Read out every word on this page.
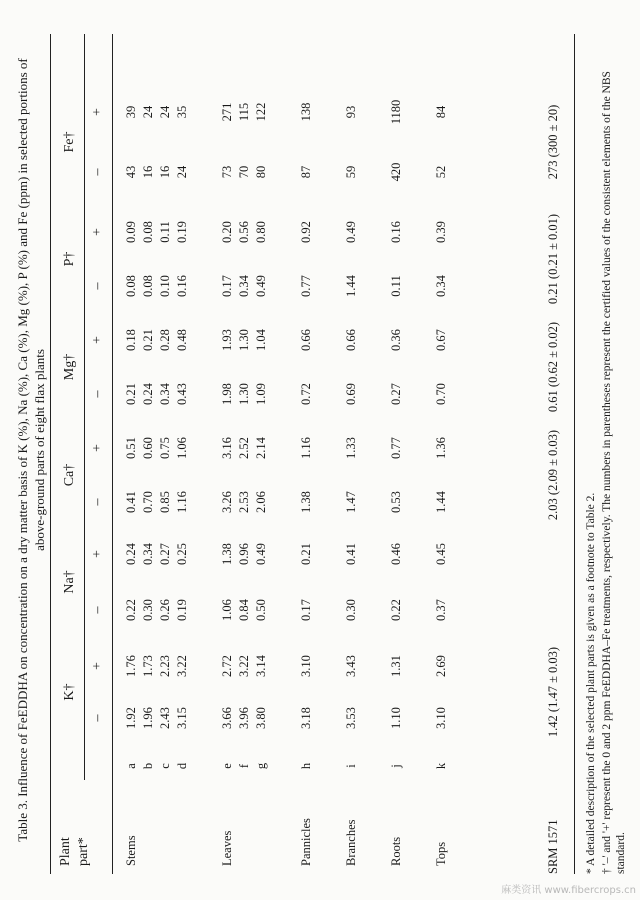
Table 3. Influence of FeEDDHA on concentration on a dry matter basis of K (%), Na (%), Ca (%), Mg (%), P (%) and Fe (ppm) in selected portions of above-ground parts of eight flax plants
Plant part*
K†
Na†
Ca†
Mg†
P†
Fe†
–
+
–
+
–
+
–
+
–
+
–
+
Stems
a
1.92
1.76
0.22
0.24
0.41
0.51
0.21
0.18
0.08
0.09
43
39
b
1.96
1.73
0.30
0.34
0.70
0.60
0.24
0.21
0.08
0.08
16
24
c
2.43
2.23
0.26
0.27
0.85
0.75
0.34
0.28
0.10
0.11
16
24
d
3.15
3.22
0.19
0.25
1.16
1.06
0.43
0.48
0.16
0.19
24
35
Leaves
e
3.66
2.72
1.06
1.38
3.26
3.16
1.98
1.93
0.17
0.20
73
271
f
3.96
3.22
0.84
0.96
2.53
2.52
1.30
1.30
0.34
0.56
70
115
g
3.80
3.14
0.50
0.49
2.06
2.14
1.09
1.04
0.49
0.80
80
122
Pannicles
h
3.18
3.10
0.17
0.21
1.38
1.16
0.72
0.66
0.77
0.92
87
138
Branches
i
3.53
3.43
0.30
0.41
1.47
1.33
0.69
0.66
1.44
0.49
59
93
Roots
j
1.10
1.31
0.22
0.46
0.53
0.77
0.27
0.36
0.11
0.16
420
1180
Tops
k
3.10
2.69
0.37
0.45
1.44
1.36
0.70
0.67
0.34
0.39
52
84
SRM 1571
1.42 (1.47 ± 0.03)
2.03 (2.09 ± 0.03)
0.61 (0.62 ± 0.02)
0.21 (0.21 ± 0.01)
273 (300 ± 20)
* A detailed description of the selected plant parts is given as a footnote to Table 2. † '–' and '+' represent the 0 and 2 ppm FeEDDHA–Fe treatments, respectively. The numbers in parentheses represent the certified values of the consistent elements of the NBS standard.
麻类资讯 www.fibercrops.cn
